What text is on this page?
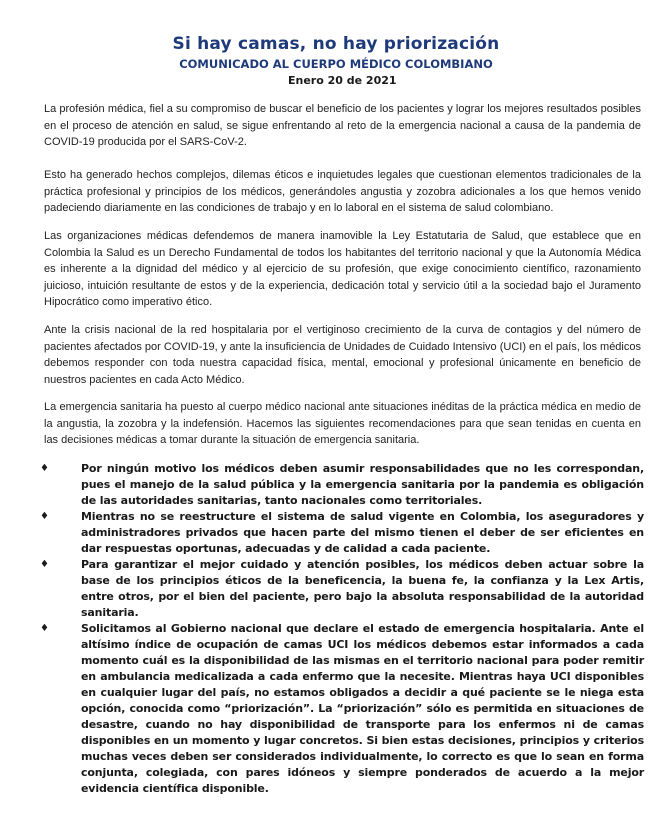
Si hay camas, no hay priorización
COMUNICADO AL CUERPO MÉDICO COLOMBIANO
Enero 20 de 2021
La profesión médica, fiel a su compromiso de buscar el beneficio de los pacientes y lograr los mejores resultados posibles en el proceso de atención en salud, se sigue enfrentando al reto de la emergencia nacional a causa de la pandemia de COVID-19 producida por el SARS-CoV-2.
Esto ha generado hechos complejos, dilemas éticos e inquietudes legales que cuestionan elementos tradicionales de la práctica profesional y principios de los médicos, generándoles angustia y zozobra adicionales a los que hemos venido padeciendo diariamente en las condiciones de trabajo y en lo laboral en el sistema de salud colombiano.
Las organizaciones médicas defendemos de manera inamovible la Ley Estatutaria de Salud, que establece que en Colombia la Salud es un Derecho Fundamental de todos los habitantes del territorio nacional y que la Autonomía Médica es inherente a la dignidad del médico y al ejercicio de su profesión, que exige conocimiento científico, razonamiento juicioso, intuición resultante de estos y de la experiencia, dedicación total y servicio útil a la sociedad bajo el Juramento Hipocrático como imperativo ético.
Ante la crisis nacional de la red hospitalaria por el vertiginoso crecimiento de la curva de contagios y del número de pacientes afectados por COVID-19, y ante la insuficiencia de Unidades de Cuidado Intensivo (UCI) en el país, los médicos debemos responder con toda nuestra capacidad física, mental, emocional y profesional únicamente en beneficio de nuestros pacientes en cada Acto Médico.
La emergencia sanitaria ha puesto al cuerpo médico nacional ante situaciones inéditas de la práctica médica en medio de la angustia, la zozobra y la indefensión. Hacemos las siguientes recomendaciones para que sean tenidas en cuenta en las decisiones médicas a tomar durante la situación de emergencia sanitaria.
♦	Por ningún motivo los médicos deben asumir responsabilidades que no les correspondan, pues el manejo de la salud pública y la emergencia sanitaria por la pandemia es obligación de las autoridades sanitarias, tanto nacionales como territoriales.
♦	Mientras no se reestructure el sistema de salud vigente en Colombia, los aseguradores y administradores privados que hacen parte del mismo tienen el deber de ser eficientes en dar respuestas oportunas, adecuadas y de calidad a cada paciente.
♦	Para garantizar el mejor cuidado y atención posibles, los médicos deben actuar sobre la base de los principios éticos de la beneficencia, la buena fe, la confianza y la Lex Artis, entre otros, por el bien del paciente, pero bajo la absoluta responsabilidad de la autoridad sanitaria.
♦	Solicitamos al Gobierno nacional que declare el estado de emergencia hospitalaria. Ante el altísimo índice de ocupación de camas UCI los médicos debemos estar informados a cada momento cuál es la disponibilidad de las mismas en el territorio nacional para poder remitir en ambulancia medicalizada a cada enfermo que la necesite. Mientras haya UCI disponibles en cualquier lugar del país, no estamos obligados a decidir a qué paciente se le niega esta opción, conocida como “priorización”. La “priorización” sólo es permitida en situaciones de desastre, cuando no hay disponibilidad de transporte para los enfermos ni de camas disponibles en un momento y lugar concretos. Si bien estas decisiones, principios y criterios muchas veces deben ser considerados individualmente, lo correcto es que lo sean en forma conjunta, colegiada, con pares idóneos y siempre ponderados de acuerdo a la mejor evidencia científica disponible.
